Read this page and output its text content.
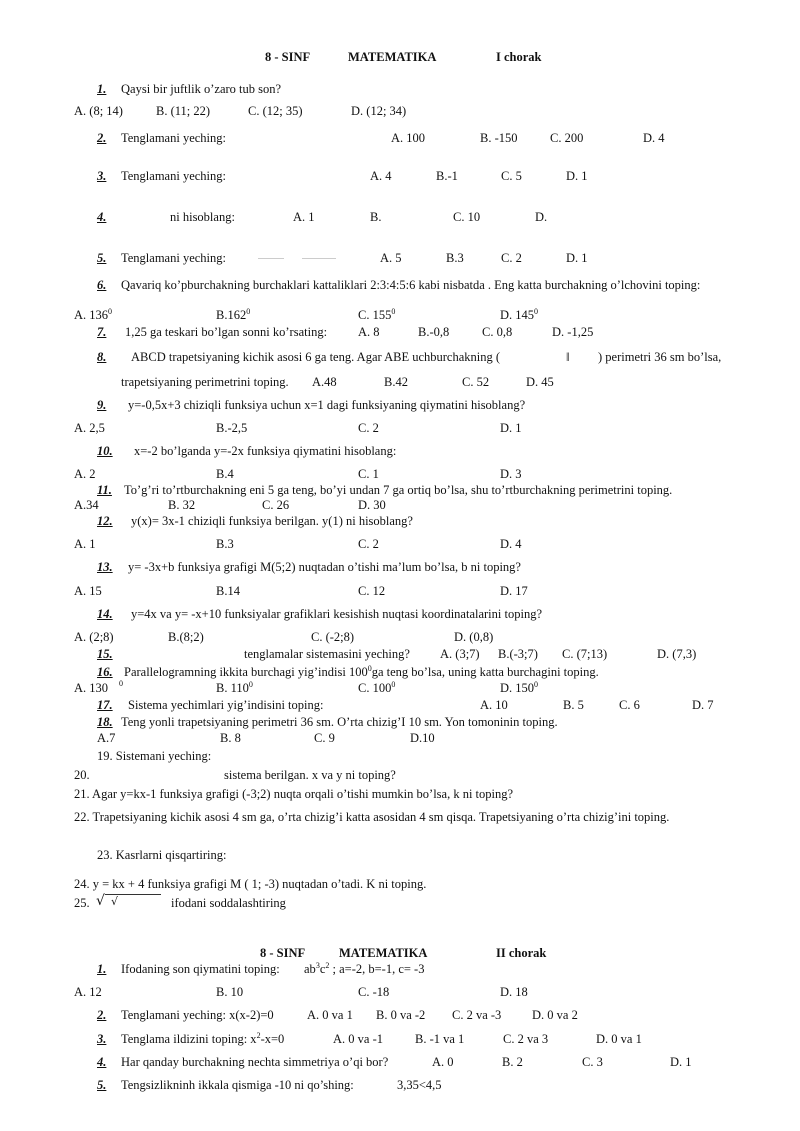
8 - SINF	MATEMATIKA	I chorak
1. Qaysi bir juftlik o’zaro tub son?
A. (8; 14)	B. (11; 22)	C. (12; 35)	D. (12; 34)
2. Tenglamani yeching:	A. 100	B. -150	C. 200	D. 4
3. Tenglamani yeching:	A. 4	B.-1	C. 5	D. 1
4.	ni hisoblang:	A. 1	B.	C. 10	D.
5. Tenglamani yeching:	A. 5	B.3	C. 2	D. 1
6. Qavariq ko’pburchakning burchaklari kattaliklari 2:3:4:5:6 kabi nisbatda . Eng katta burchakning o’lchovini toping:
A. $136^0$	B.162$^0$	C. $155^0$	D. $145^0$
7. 1,25 ga teskari bo’lgan sonni ko’rsating: A. 8	B.-0,8	C. 0,8	D. -1,25
8.	ABCD trapetsiyaning kichik asosi 6 ga teng. Agar ABE uchburchakning (	‖ ) perimetri 36 sm bo’lsa,
trapetsiyaning perimetrini toping. A.48	B.42	C. 52	D. 45
9.	y=-0,5x+3 chiziqli funksiya uchun x=1 dagi funksiyaning qiymatini hisoblang?
A. 2,5	B.-2,5	C. 2	D. 1
10.	x=-2 bo’lganda y=-2x funksiya qiymatini hisoblang:
A. 2	B.4	C. 1	D. 3
11. To’g’ri to’rtburchakning eni 5 ga teng, bo’yi undan 7 ga ortiq bo’lsa, shu to’rtburchakning perimetrini toping.
A.34	B. 32	C. 26	D. 30
12.	y(x)= 3x-1 chiziqli funksiya berilgan. y(1) ni hisoblang?
A. 1	B.3	C. 2	D. 4
13.	y= -3x+b funksiya grafigi M(5;2) nuqtadan o’tishi ma’lum bo’lsa, b ni toping?
A. 15	B.14	C. 12	D. 17
14.	y=4x va y= -x+10 funksiyalar grafiklari kesishish nuqtasi koordinatalarini toping?
A. (2;8)	B.(8;2)	C. (-2;8)	D. (0,8)
15.	tenglamalar sistemasini yeching? A. (3;7) B.(-3;7) C. (7;13)	D. (7,3)
16. Parallelogramning ikkita burchagi yig’indisi $100^0ga$ teng bo’lsa, uning katta burchagini toping.
A. 130 0	B. $110^0$	C. $100^0$	D. $150^0$
17.	Sistema yechimlari yig’indisini toping:	A. 10	B. 5	C. 6	D. 7
18. Teng yonli trapetsiyaning perimetri 36 sm. O’rta chizig’I 10 sm. Yon tomoninin toping.
A.7	B. 8	C. 9	D.10
19. Sistemani yeching:
20.	sistema berilgan. x va y ni toping?
21. Agar y=kx-1 funksiya grafigi (-3;2) nuqta orqali o’tishi mumkin bo’lsa, k ni toping?
22. Trapetsiyaning kichik asosi 4 sm ga, o’rta chizig’i katta asosidan 4 sm qisqa. Trapetsiyaning o’rta chizig’ini toping.
23. Kasrlarni qisqartiring:
24. y = kx + 4 funksiya grafigi M ( 1; -3) nuqtadan o’tadi. K ni toping.
25. √ √	ifodani soddalashtiring
8 - SINF	MATEMATIKA	II chorak
1. Ifodaning son qiymatini toping: $ab^3c^2$ ; a=-2, b=-1, c= -3
A. 12	B. 10	C. -18	D. 18
2. Tenglamani yeching: x(x-2)=0	A. 0 va 1 B. 0 va -2 C. 2 va -3 D. 0 va 2
3. Tenglama ildizini toping: $x^2-x=0$	A. 0 va -1	B. -1 va 1	C. 2 va 3	D. 0 va 1
4. Har qanday burchakning nechta simmetriya o’qi bor?	A. 0	B. 2	C. 3	D. 1
5. Tengsizlikninh ikkala qismiga -10 ni qo’shing:	3,35<4,5
